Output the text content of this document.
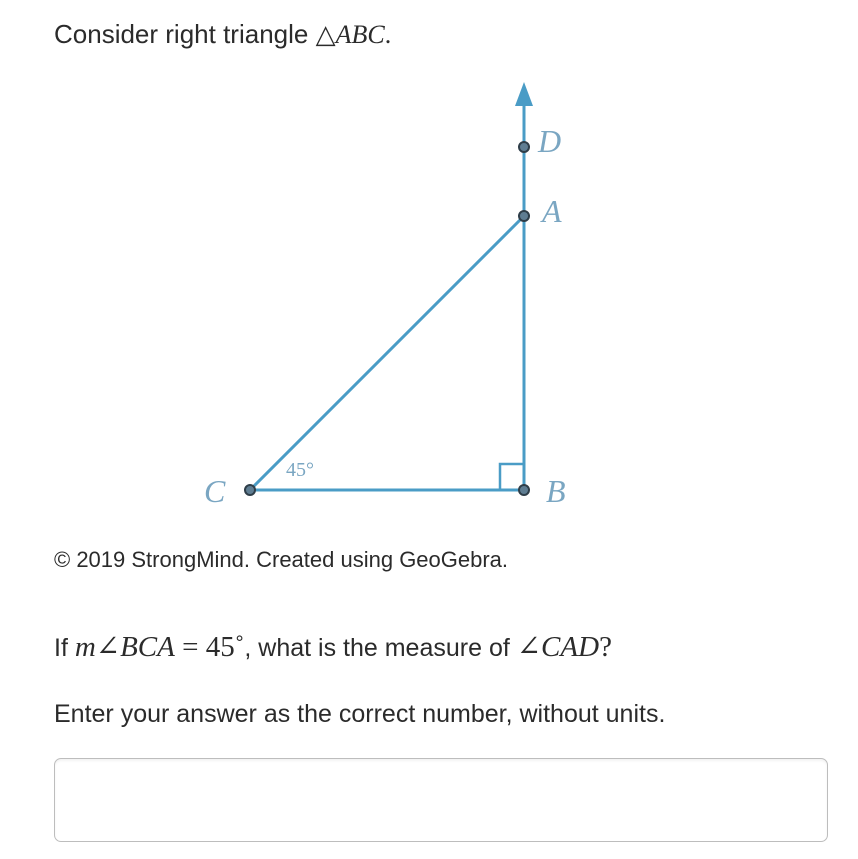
Consider right triangle △ABC.
D
A
B
C
45°
© 2019 StrongMind. Created using GeoGebra.
If m∠BCA = 45˚, what is the measure of ∠CAD?
Enter your answer as the correct number, without units.
